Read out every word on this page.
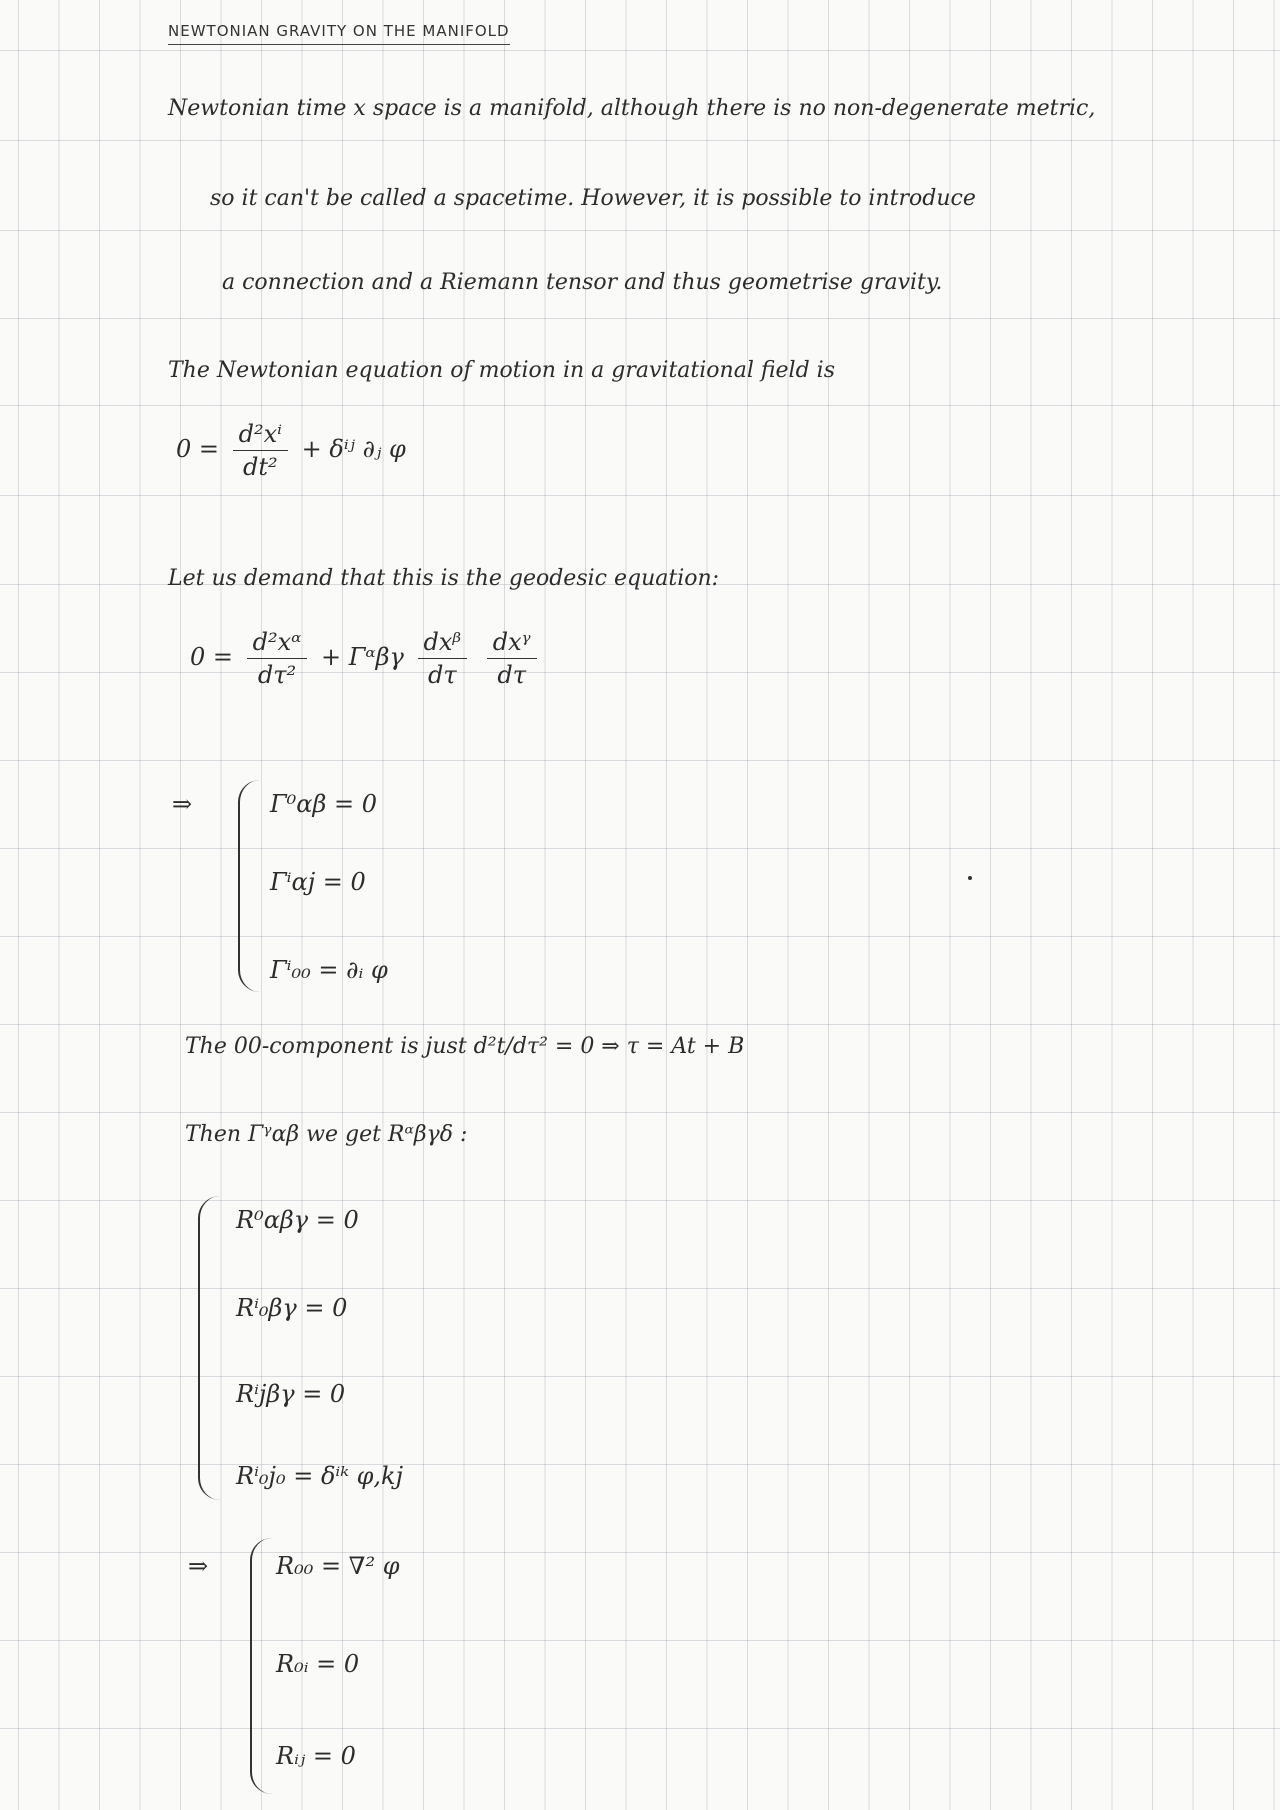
NEWTONIAN GRAVITY ON THE MANIFOLD
Newtonian time x space is a manifold, although there is no non-degenerate metric,
so it can't be called a spacetime. However, it is possible to introduce
a connection and a Riemann tensor and thus geometrise gravity.
The Newtonian equation of motion in a gravitational field is
$0 = \frac{\text{d²xⁱ}}{\text{dt²}}$ + δⁱʲ ∂ⱼ φ
Let us demand that this is the geodesic equation:
$0 = \frac{\text{d²xᵅ}}{\text{dτ²}}$ + Γᵅβγ $\frac{\text{dxᵝ}}{d\tau}$
$\frac{\text{dxᵞ}}{d\tau}$
⇒	Γ⁰αβ = 0
Γⁱαj = 0
Γⁱ₀₀ = ∂ᵢ φ
The 00-component is just d²t/dτ² = 0 ⇒ τ = At + B
Then Γᵞαβ we get Rᵅβγδ :
R⁰αβγ = 0
Rⁱ₀βγ = 0
Rⁱjβγ = 0
Rⁱ₀j₀ = δⁱᵏ φ,kj
⇒	R₀₀ = ∇² φ
R₀ᵢ = 0
Rᵢⱼ = 0
